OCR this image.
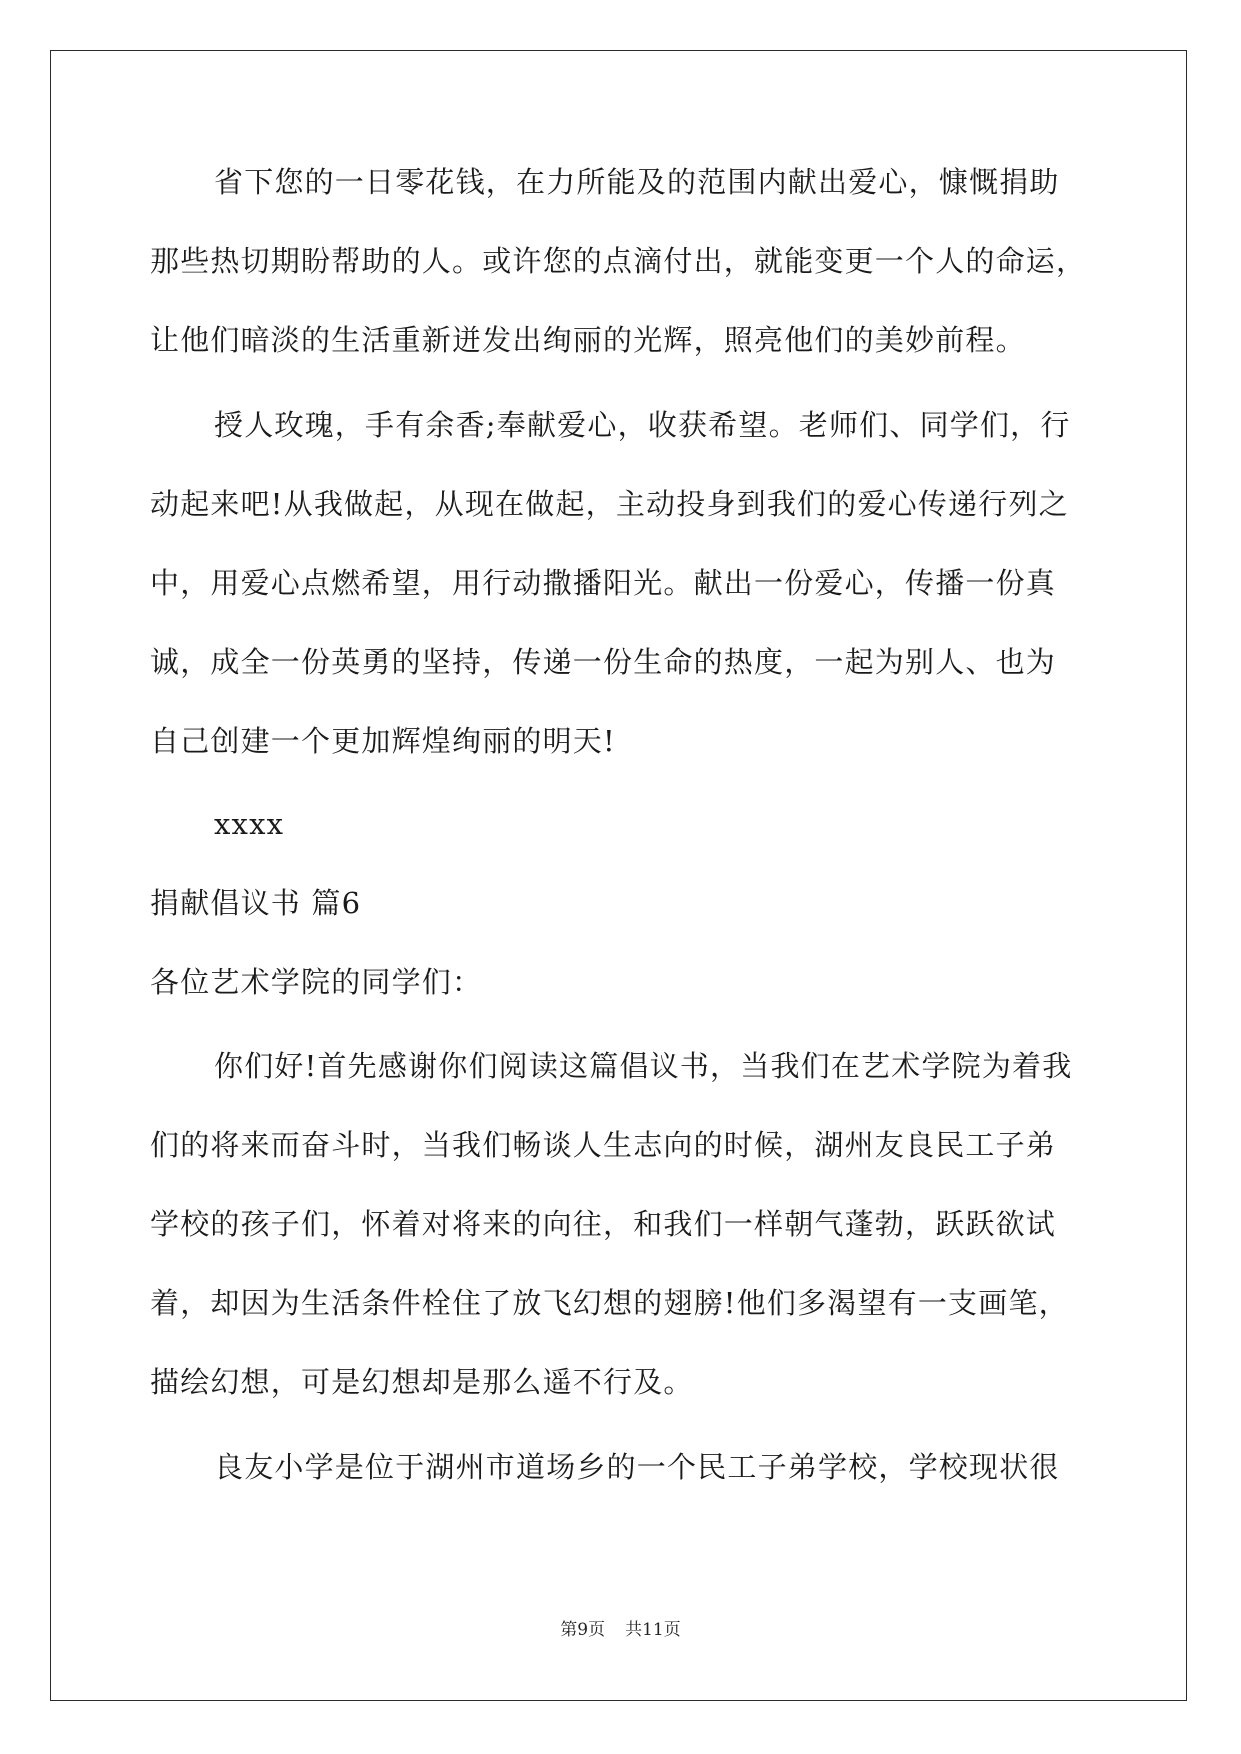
省下您的一日零花钱，在力所能及的范围内献出爱心，慷慨捐助
那些热切期盼帮助的人。或许您的点滴付出，就能变更一个人的命运，
让他们暗淡的生活重新迸发出绚丽的光辉，照亮他们的美妙前程。
授人玫瑰，手有余香;奉献爱心，收获希望。老师们、同学们，行
动起来吧!从我做起，从现在做起，主动投身到我们的爱心传递行列之
中，用爱心点燃希望，用行动撒播阳光。献出一份爱心，传播一份真
诚，成全一份英勇的坚持，传递一份生命的热度，一起为别人、也为
自己创建一个更加辉煌绚丽的明天!
xxxx
捐献倡议书 篇6
各位艺术学院的同学们：
你们好!首先感谢你们阅读这篇倡议书，当我们在艺术学院为着我
们的将来而奋斗时，当我们畅谈人生志向的时候，湖州友良民工子弟
学校的孩子们，怀着对将来的向往，和我们一样朝气蓬勃，跃跃欲试
着，却因为生活条件栓住了放飞幻想的翅膀!他们多渴望有一支画笔，
描绘幻想，可是幻想却是那么遥不行及。
良友小学是位于湖州市道场乡的一个民工子弟学校，学校现状很
第9页 共11页
